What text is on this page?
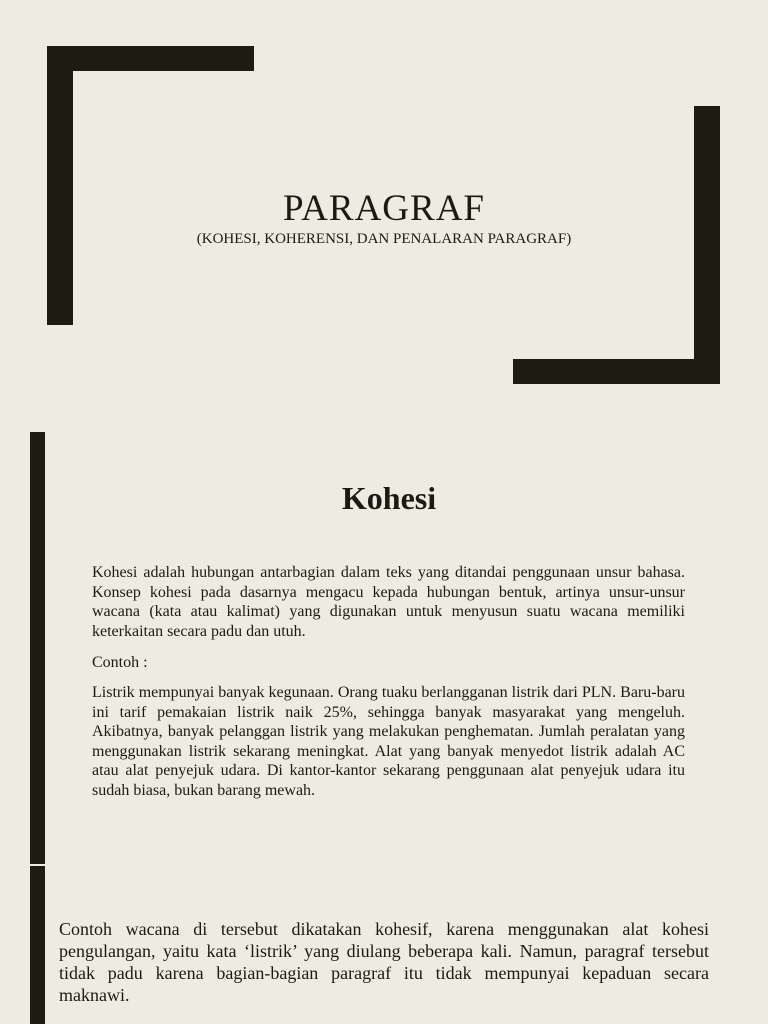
PARAGRAF
(KOHESI, KOHERENSI, DAN PENALARAN PARAGRAF)
Kohesi
Kohesi adalah hubungan antarbagian dalam teks yang ditandai penggunaan unsur bahasa. Konsep kohesi pada dasarnya mengacu kepada hubungan bentuk, artinya unsur-unsur wacana (kata atau kalimat) yang digunakan untuk menyusun suatu wacana memiliki keterkaitan secara padu dan utuh.
Contoh :
Listrik mempunyai banyak kegunaan. Orang tuaku berlangganan listrik dari PLN. Baru-baru ini tarif pemakaian listrik naik 25%, sehingga banyak masyarakat yang mengeluh. Akibatnya, banyak pelanggan listrik yang melakukan penghematan. Jumlah peralatan yang menggunakan listrik sekarang meningkat. Alat yang banyak menyedot listrik adalah AC atau alat penyejuk udara. Di kantor-kantor sekarang penggunaan alat penyejuk udara itu sudah biasa, bukan barang mewah.
Contoh wacana di tersebut dikatakan kohesif, karena menggunakan alat kohesi pengulangan, yaitu kata ‘listrik’ yang diulang beberapa kali. Namun, paragraf tersebut tidak padu karena bagian-bagian paragraf itu tidak mempunyai kepaduan secara maknawi.
